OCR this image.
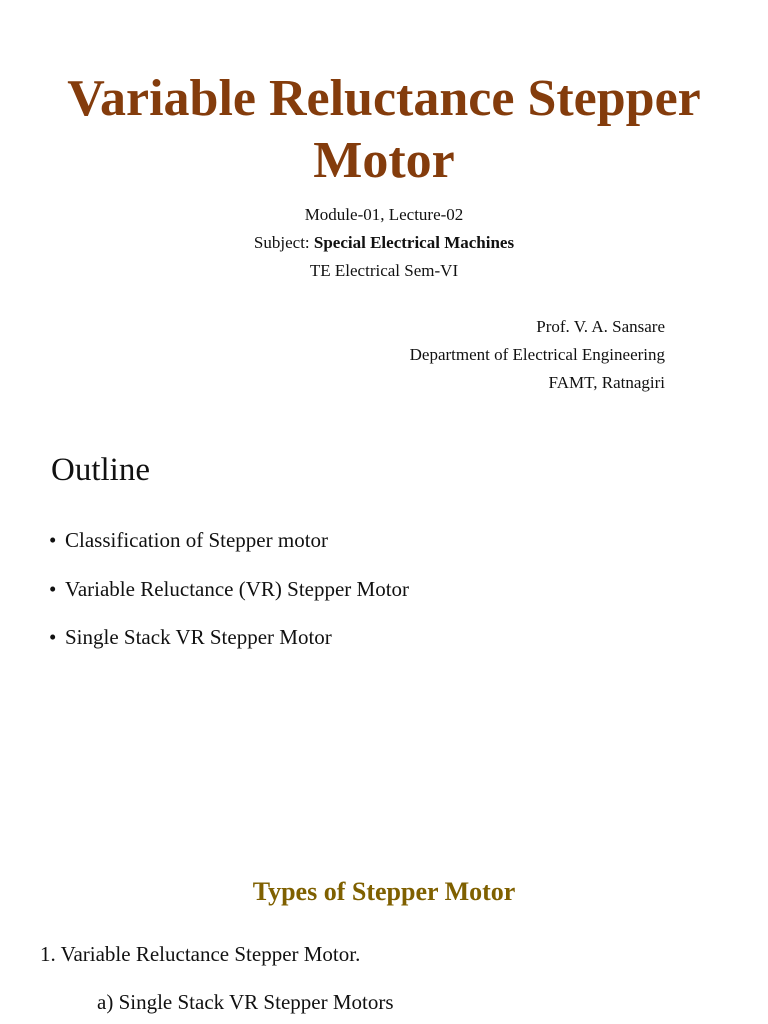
Variable Reluctance Stepper
Motor
Module-01, Lecture-02
Subject: Special Electrical Machines
TE Electrical Sem-VI
Prof. V. A. Sansare
Department of Electrical Engineering
FAMT, Ratnagiri
Outline
• Classification of Stepper motor
• Variable Reluctance (VR) Stepper Motor
• Single Stack VR Stepper Motor
Types of Stepper Motor
1. Variable Reluctance Stepper Motor.
a) Single Stack VR Stepper Motors
